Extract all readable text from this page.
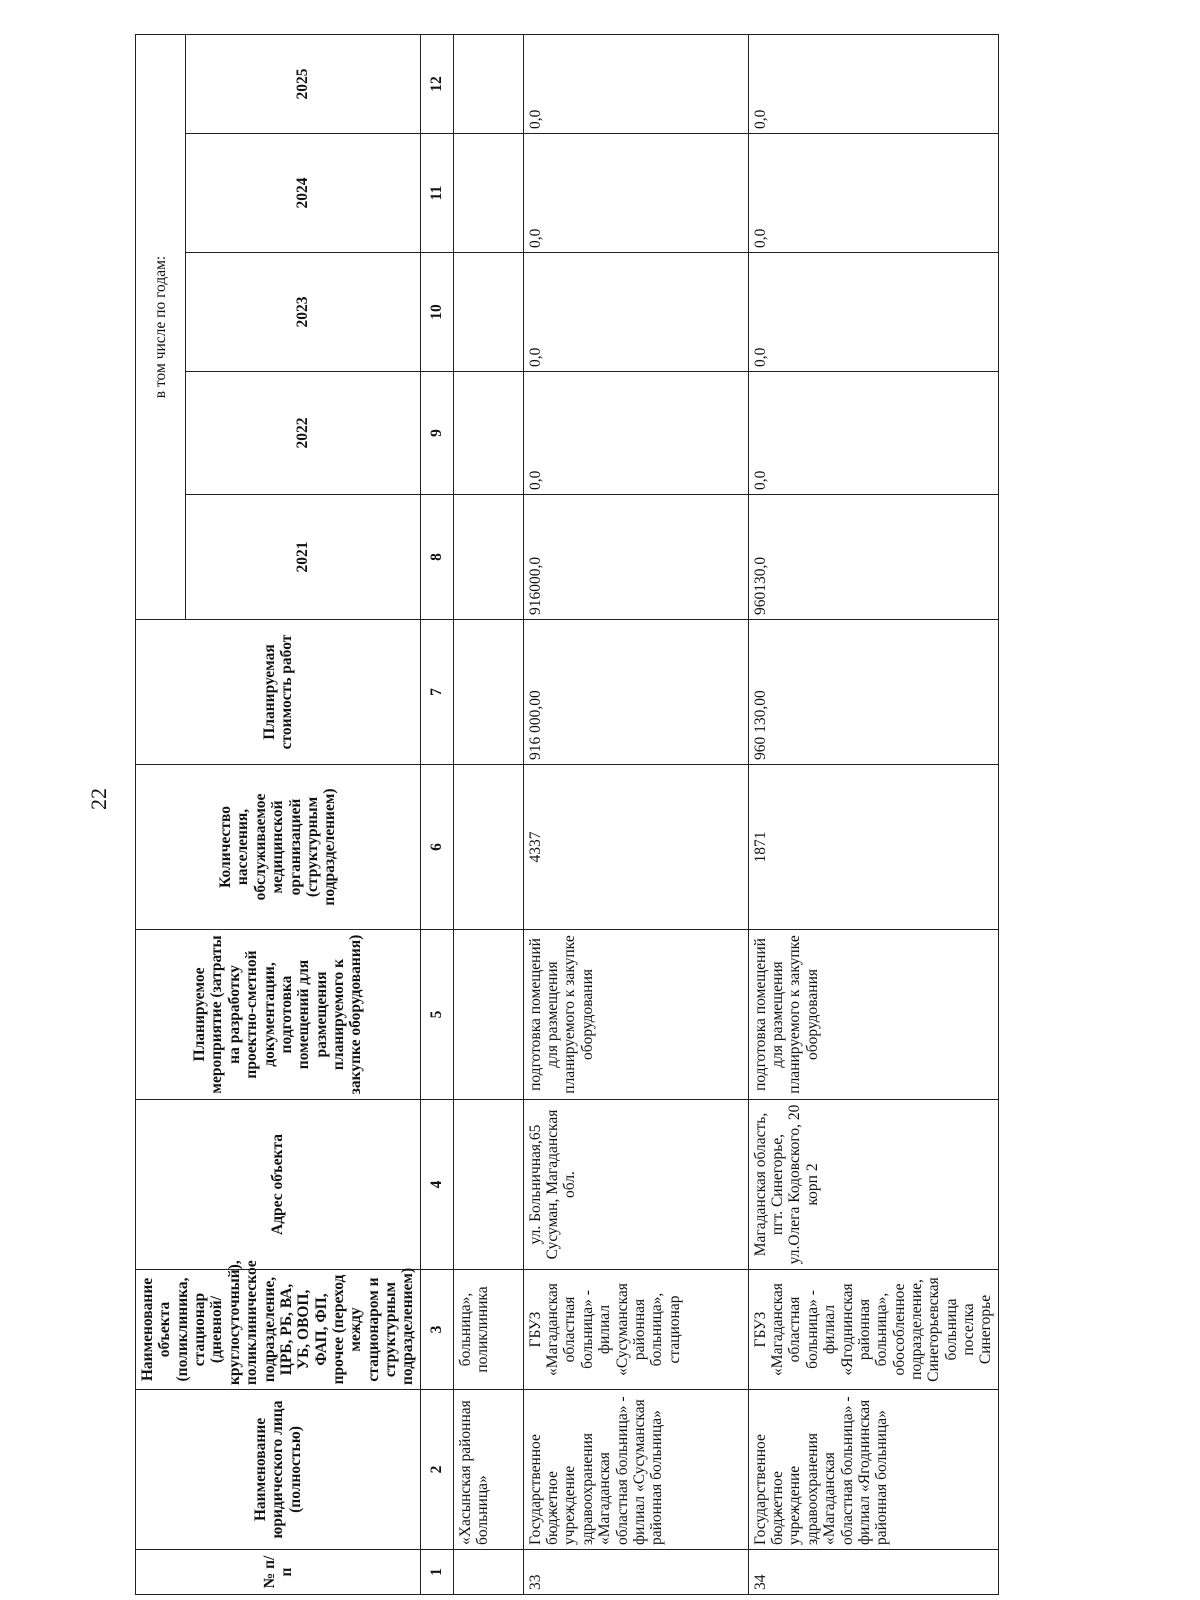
22
№ п/п	Наименование юридического лица (полностью)	Наименование объекта (поликлиника, стационар (дневной/круглосуточный), поликлиническое подразделение, ЦРБ, РБ, ВА, УБ, ОВОП, ФАП, ФП, прочее (переход между стационаром и структурным подразделением)	Адрес объекта	Планируемое мероприятие (затраты на разработку проектно-сметной документации, подготовка помещений для размещения планируемого к закупке оборудования)	Количество населения, обслуживаемое медицинской организацией (структурным подразделением)	Планируемая стоимость работ	в том числе по годам:				
							2021	2022	2023	2024	2025
1	2	3	4	5	6	7	8	9	10	11	12
	«Хасынская районная больница»	больница», поликлиника									
33	Государственное бюджетное учреждение здравоохранения «Магаданская областная больница» - филиал «Сусуманская районная больница»	ГБУЗ «Магаданская областная больница» - филиал «Сусуманская районная больница», стационар	ул. Больничная,65 Сусуман, Магаданская обл.	подготовка помещений для размещения планируемого к закупке оборудования	4337	916 000,00	916000,0	0,0	0,0	0,0	0,0
34	Государственное бюджетное учреждение здравоохранения «Магаданская областная больница» - филиал «Ягоднинская районная больница»	ГБУЗ «Магаданская областная больница» - филиал «Ягоднинская районная больница», обособленное подразделение, Синегорьевская больница поселка Синегорье	Магаданская область, пгт. Синегорье, ул.Олега Кодовского, 20 корп 2	подготовка помещений для размещения планируемого к закупке оборудования	1871	960 130,00	960130,0	0,0	0,0	0,0	0,0
